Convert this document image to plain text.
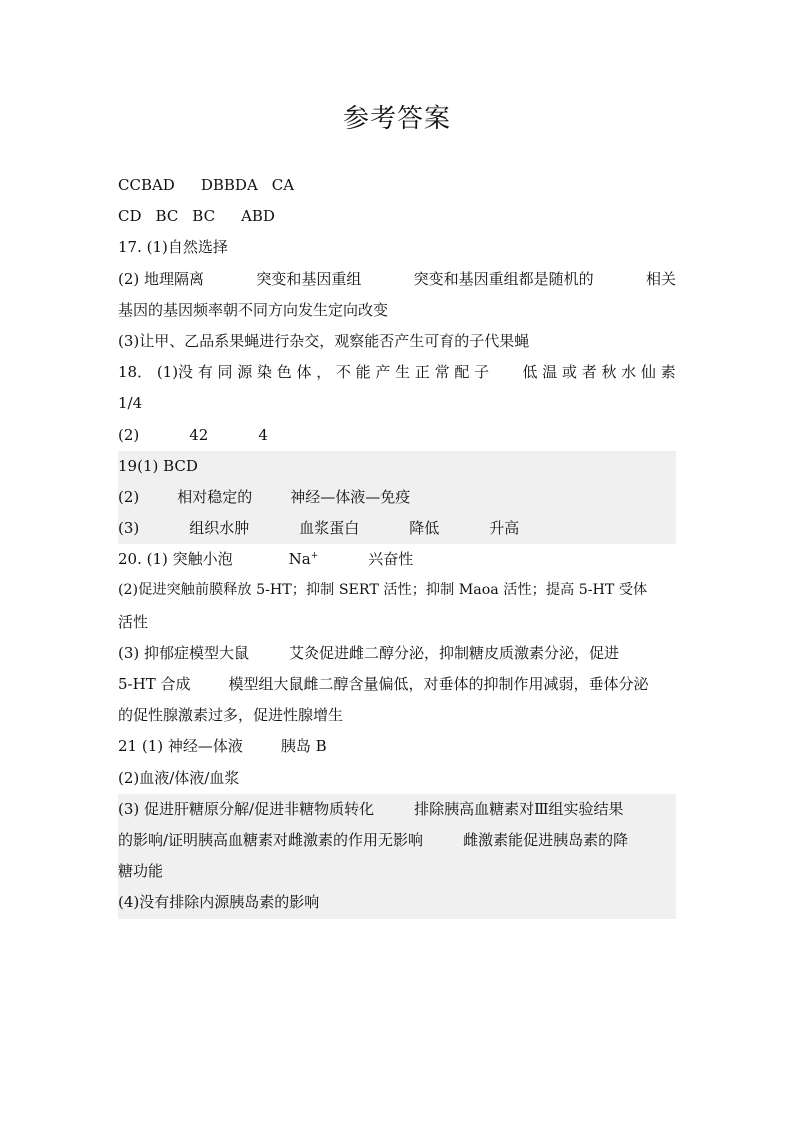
参考答案
CCBAD DBBDA CA
CD BC BC ABD
17. (1)自然选择
(2) 地理隔离	突变和基因重组	突变和基因重组都是随机的	相关
基因的基因频率朝不同方向发生定向改变
(3)让甲、乙品系果蝇进行杂交，观察能否产生可育的子代果蝇
18． (1)没 有 同 源 染 色 体 ， 不 能 产 生 正 常 配 子 低 温 或 者 秋 水 仙 素
1/4
(2)	42	4
19(1) BCD
(2)	相对稳定的	神经—体液—免疫
(3)	组织水肿	血浆蛋白	降低	升高
20. (1) 突触小泡	Na+	兴奋性
(2)促进突触前膜释放 5-HT；抑制 SERT 活性；抑制 Maoa 活性；提高 5-HT 受体
活性
(3) 抑郁症模型大鼠	艾灸促进雌二醇分泌，抑制糖皮质激素分泌，促进
5-HT 合成	模型组大鼠雌二醇含量偏低，对垂体的抑制作用减弱，垂体分泌
的促性腺激素过多，促进性腺增生
21 (1) 神经—体液	胰岛 B
(2)血液/体液/血浆
(3) 促进肝糖原分解/促进非糖物质转化	排除胰高血糖素对Ⅲ组实验结果
的影响/证明胰高血糖素对雌激素的作用无影响	雌激素能促进胰岛素的降
糖功能
(4)没有排除内源胰岛素的影响
